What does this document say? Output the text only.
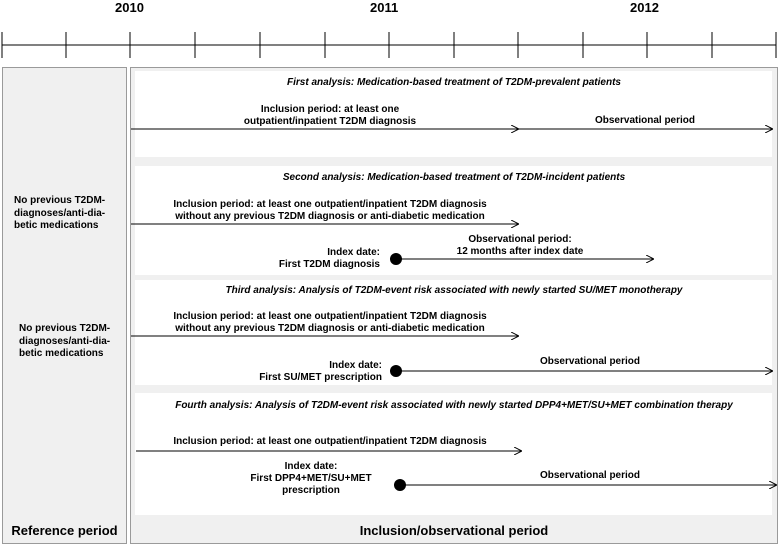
2010	2011	2012
No previous T2DM-
diagnoses/anti-dia-
betic medications
No previous T2DM-
diagnoses/anti-dia-
betic medications
First analysis: Medication-based treatment of T2DM-prevalent patients
Inclusion period: at least one
outpatient/inpatient T2DM diagnosis	Observational period
Second analysis: Medication-based treatment of T2DM-incident patients
Inclusion period: at least one outpatient/inpatient T2DM diagnosis
without any previous T2DM diagnosis or anti-diabetic medication
Index date:
First T2DM diagnosis
Observational period:
12 months after index date
Third analysis: Analysis of T2DM-event risk associated with newly started SU/MET monotherapy
Inclusion period: at least one outpatient/inpatient T2DM diagnosis
without any previous T2DM diagnosis or anti-diabetic medication
Index date:
First SU/MET prescription
Observational period
Fourth analysis: Analysis of T2DM-event risk associated with newly started DPP4+MET/SU+MET combination therapy
Inclusion period: at least one outpatient/inpatient T2DM diagnosis
Index date:
First DPP4+MET/SU+MET
prescription
Observational period
Reference period	Inclusion/observational period
